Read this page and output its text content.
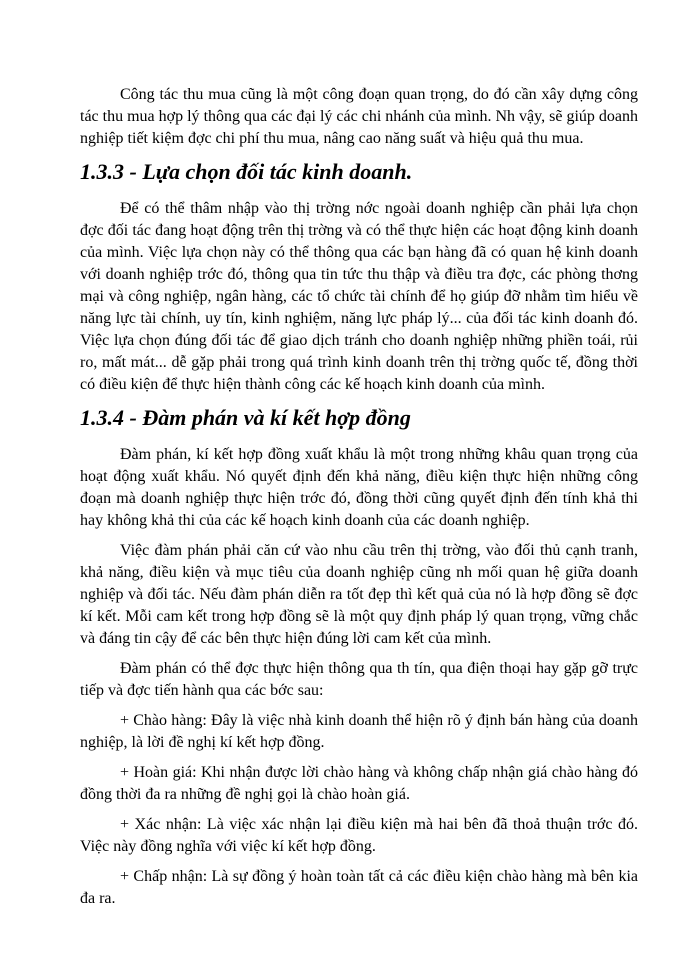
Công tác thu mua cũng là một công đoạn quan trọng, do đó cần xây dựng công tác thu mua hợp lý thông qua các đại lý các chi nhánh của mình. Nh vậy, sẽ giúp doanh nghiệp tiết kiệm đợc chi phí thu mua, nâng cao năng suất và hiệu quả thu mua.

1.3.3 - Lựa chọn đối tác kinh doanh.

Để có thể thâm nhập vào thị trờng nớc ngoài doanh nghiệp cần phải lựa chọn đợc đối tác đang hoạt động trên thị trờng và có thể thực hiện các hoạt động kinh doanh của mình. Việc lựa chọn này có thể thông qua các bạn hàng đã có quan hệ kinh doanh với doanh nghiệp trớc đó, thông qua tin tức thu thập và điều tra đợc, các phòng thơng mại và công nghiệp, ngân hàng, các tổ chức tài chính để họ giúp đỡ nhằm tìm hiểu về năng lực tài chính, uy tín, kinh nghiệm, năng lực pháp lý... của đối tác kinh doanh đó. Việc lựa chọn đúng đối tác để giao dịch tránh cho doanh nghiệp những phiền toái, rủi ro, mất mát... dễ gặp phải trong quá trình kinh doanh trên thị trờng quốc tế, đồng thời có điều kiện để thực hiện thành công các kế hoạch kinh doanh của mình.

1.3.4 - Đàm phán và kí kết hợp đồng

Đàm phán, kí kết hợp đồng xuất khẩu là một trong những khâu quan trọng của hoạt động xuất khẩu. Nó quyết định đến khả năng, điều kiện thực hiện những công đoạn mà doanh nghiệp thực hiện trớc đó, đồng thời cũng quyết định đến tính khả thi hay không khả thi của các kế hoạch kinh doanh của các doanh nghiệp.

Việc đàm phán phải căn cứ vào nhu cầu trên thị trờng, vào đối thủ cạnh tranh, khả năng, điều kiện và mục tiêu của doanh nghiệp cũng nh mối quan hệ giữa doanh nghiệp và đối tác. Nếu đàm phán diễn ra tốt đẹp thì kết quả của nó là hợp đồng sẽ đợc kí kết. Mỗi cam kết trong hợp đồng sẽ là một quy định pháp lý quan trọng, vững chắc và đáng tin cậy để các bên thực hiện đúng lời cam kết của mình.

Đàm phán có thể đợc thực hiện thông qua th tín, qua điện thoại hay gặp gỡ trực tiếp và đợc tiến hành qua các bớc sau:

+ Chào hàng: Đây là việc nhà kinh doanh thể hiện rõ ý định bán hàng của doanh nghiệp, là lời đề nghị kí kết hợp đồng.

+ Hoàn giá: Khi nhận được lời chào hàng và không chấp nhận giá chào hàng đó đồng thời đa ra những đề nghị gọi là chào hoàn giá.

+ Xác nhận: Là việc xác nhận lại điều kiện mà hai bên đã thoả thuận trớc đó. Việc này đồng nghĩa với việc kí kết hợp đồng.

+ Chấp nhận: Là sự đồng ý hoàn toàn tất cả các điều kiện chào hàng mà bên kia đa ra.
